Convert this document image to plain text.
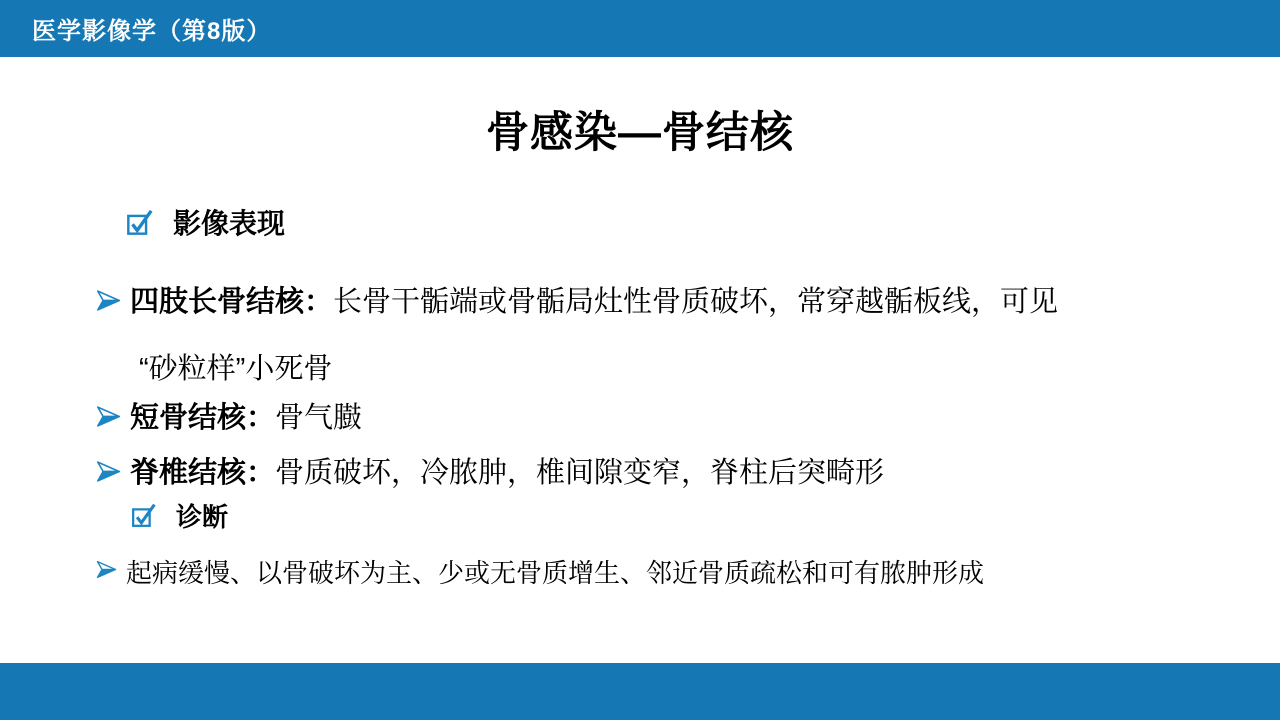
医学影像学（第8版）
骨感染—骨结核
影像表现

四肢长骨结核：长骨干骺端或骨骺局灶性骨质破坏，常穿越骺板线，可见

“砂粒样”小死骨

短骨结核：骨气臌

脊椎结核：骨质破坏，冷脓肿，椎间隙变窄，脊柱后突畸形

诊断

起病缓慢、以骨破坏为主、少或无骨质增生、邻近骨质疏松和可有脓肿形成
